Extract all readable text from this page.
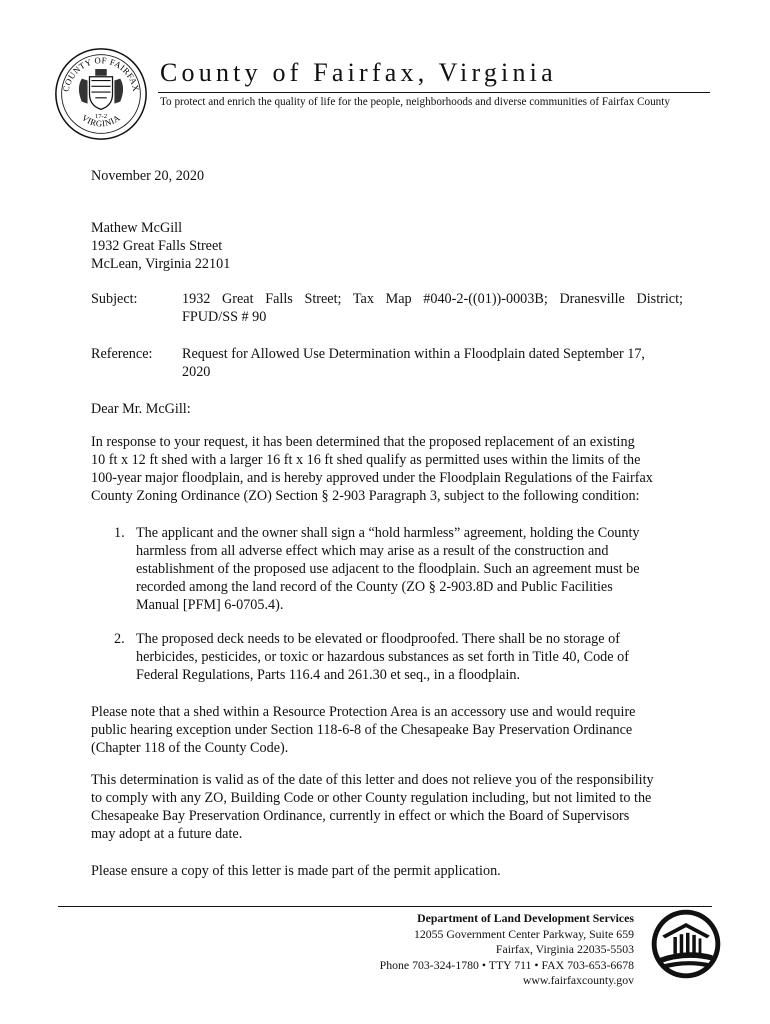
COUNTY OF FAIRFAX
VIRGINIA
17-2
County of Fairfax, Virginia
To protect and enrich the quality of life for the people, neighborhoods and diverse communities of Fairfax County
November 20, 2020
Mathew McGill
1932 Great Falls Street
McLean, Virginia 22101
Subject:	1932 Great Falls Street; Tax Map #040-2-((01))-0003B; Dranesville District;
FPUD/SS # 90
Reference: Request for Allowed Use Determination within a Floodplain dated September 17,
2020
Dear Mr. McGill:
In response to your request, it has been determined that the proposed replacement of an existing
10 ft x 12 ft shed with a larger 16 ft x 16 ft shed qualify as permitted uses within the limits of the
100-year major floodplain, and is hereby approved under the Floodplain Regulations of the Fairfax
County Zoning Ordinance (ZO) Section § 2-903 Paragraph 3, subject to the following condition:
1. The applicant and the owner shall sign a “hold harmless” agreement, holding the County
harmless from all adverse effect which may arise as a result of the construction and
establishment of the proposed use adjacent to the floodplain. Such an agreement must be
recorded among the land record of the County (ZO § 2-903.8D and Public Facilities
Manual [PFM] 6-0705.4).
2. The proposed deck needs to be elevated or floodproofed. There shall be no storage of
herbicides, pesticides, or toxic or hazardous substances as set forth in Title 40, Code of
Federal Regulations, Parts 116.4 and 261.30 et seq., in a floodplain.
Please note that a shed within a Resource Protection Area is an accessory use and would require
public hearing exception under Section 118-6-8 of the Chesapeake Bay Preservation Ordinance
(Chapter 118 of the County Code).
This determination is valid as of the date of this letter and does not relieve you of the responsibility
to comply with any ZO, Building Code or other County regulation including, but not limited to the
Chesapeake Bay Preservation Ordinance, currently in effect or which the Board of Supervisors
may adopt at a future date.
Please ensure a copy of this letter is made part of the permit application.
Department of Land Development Services
12055 Government Center Parkway, Suite 659
Fairfax, Virginia 22035-5503
Phone 703-324-1780 • TTY 711 • FAX 703-653-6678
www.fairfaxcounty.gov
